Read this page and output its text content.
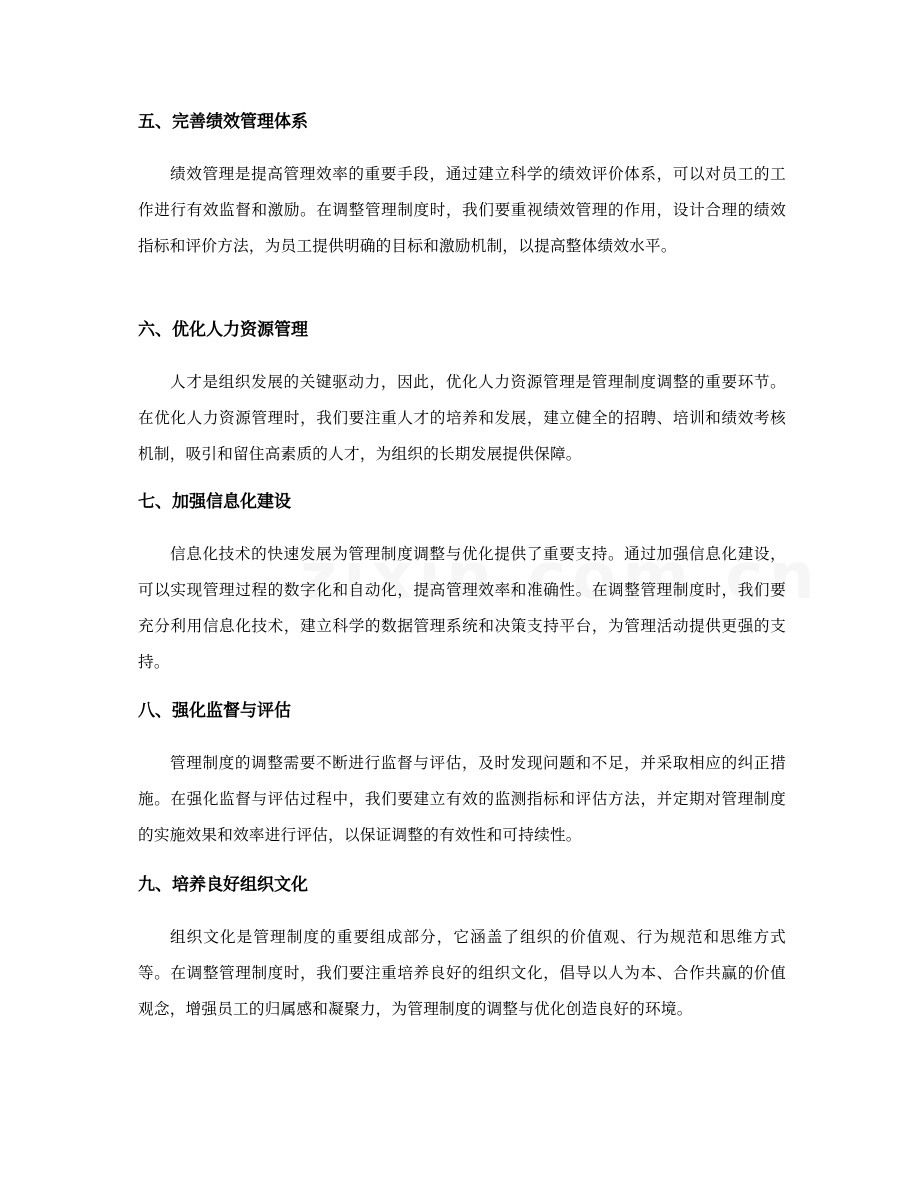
五、完善绩效管理体系

绩效管理是提高管理效率的重要手段，通过建立科学的绩效评价体系，可以对员工的工作进行有效监督和激励。在调整管理制度时，我们要重视绩效管理的作用，设计合理的绩效指标和评价方法，为员工提供明确的目标和激励机制，以提高整体绩效水平。

六、优化人力资源管理

人才是组织发展的关键驱动力，因此，优化人力资源管理是管理制度调整的重要环节。在优化人力资源管理时，我们要注重人才的培养和发展，建立健全的招聘、培训和绩效考核机制，吸引和留住高素质的人才，为组织的长期发展提供保障。

七、加强信息化建设

信息化技术的快速发展为管理制度调整与优化提供了重要支持。通过加强信息化建设，可以实现管理过程的数字化和自动化，提高管理效率和准确性。在调整管理制度时，我们要充分利用信息化技术，建立科学的数据管理系统和决策支持平台，为管理活动提供更强的支持。

八、强化监督与评估

管理制度的调整需要不断进行监督与评估，及时发现问题和不足，并采取相应的纠正措施。在强化监督与评估过程中，我们要建立有效的监测指标和评估方法，并定期对管理制度的实施效果和效率进行评估，以保证调整的有效性和可持续性。

九、培养良好组织文化

组织文化是管理制度的重要组成部分，它涵盖了组织的价值观、行为规范和思维方式等。在调整管理制度时，我们要注重培养良好的组织文化，倡导以人为本、合作共赢的价值观念，增强员工的归属感和凝聚力，为管理制度的调整与优化创造良好的环境。
